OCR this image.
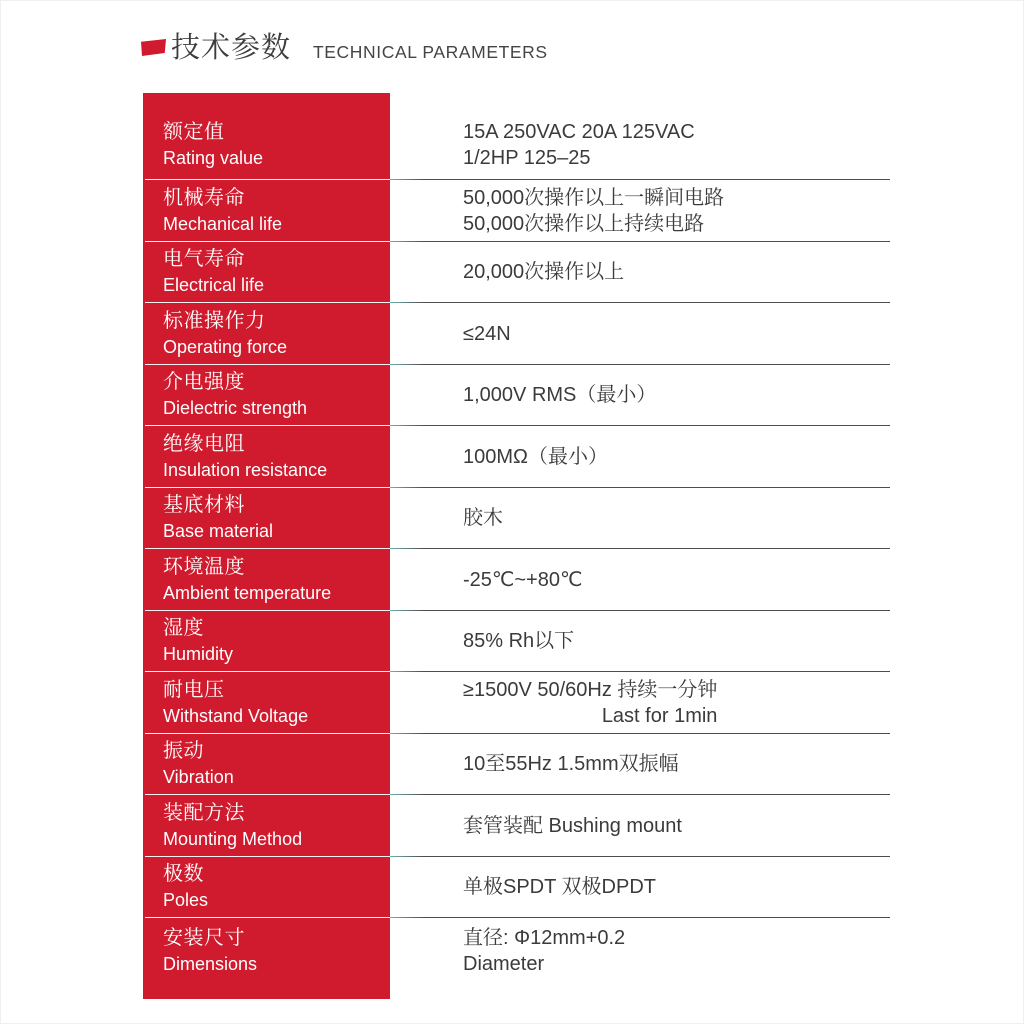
技术参数 TECHNICAL PARAMETERS
额定值
Rating value
15A 250VAC 20A 125VAC
1/2HP 125–25
机械寿命
Mechanical life
50,000次操作以上一瞬间电路
50,000次操作以上持续电路
电气寿命
Electrical life
20,000次操作以上
标准操作力
Operating force
≤24N
介电强度
Dielectric strength
1,000V RMS（最小）
绝缘电阻
Insulation resistance
100MΩ（最小）
基底材料
Base material
胶木
环境温度
Ambient temperature
-25℃~+80℃
湿度
Humidity
85% Rh以下
耐电压
Withstand Voltage
≥1500V 50/60Hz 持续一分钟
Last for 1min
振动
Vibration
10至55Hz 1.5mm双振幅
装配方法
Mounting Method
套管装配 Bushing mount
极数
Poles
单极SPDT 双极DPDT
安装尺寸
Dimensions
直径: Φ12mm+0.2
Diameter
